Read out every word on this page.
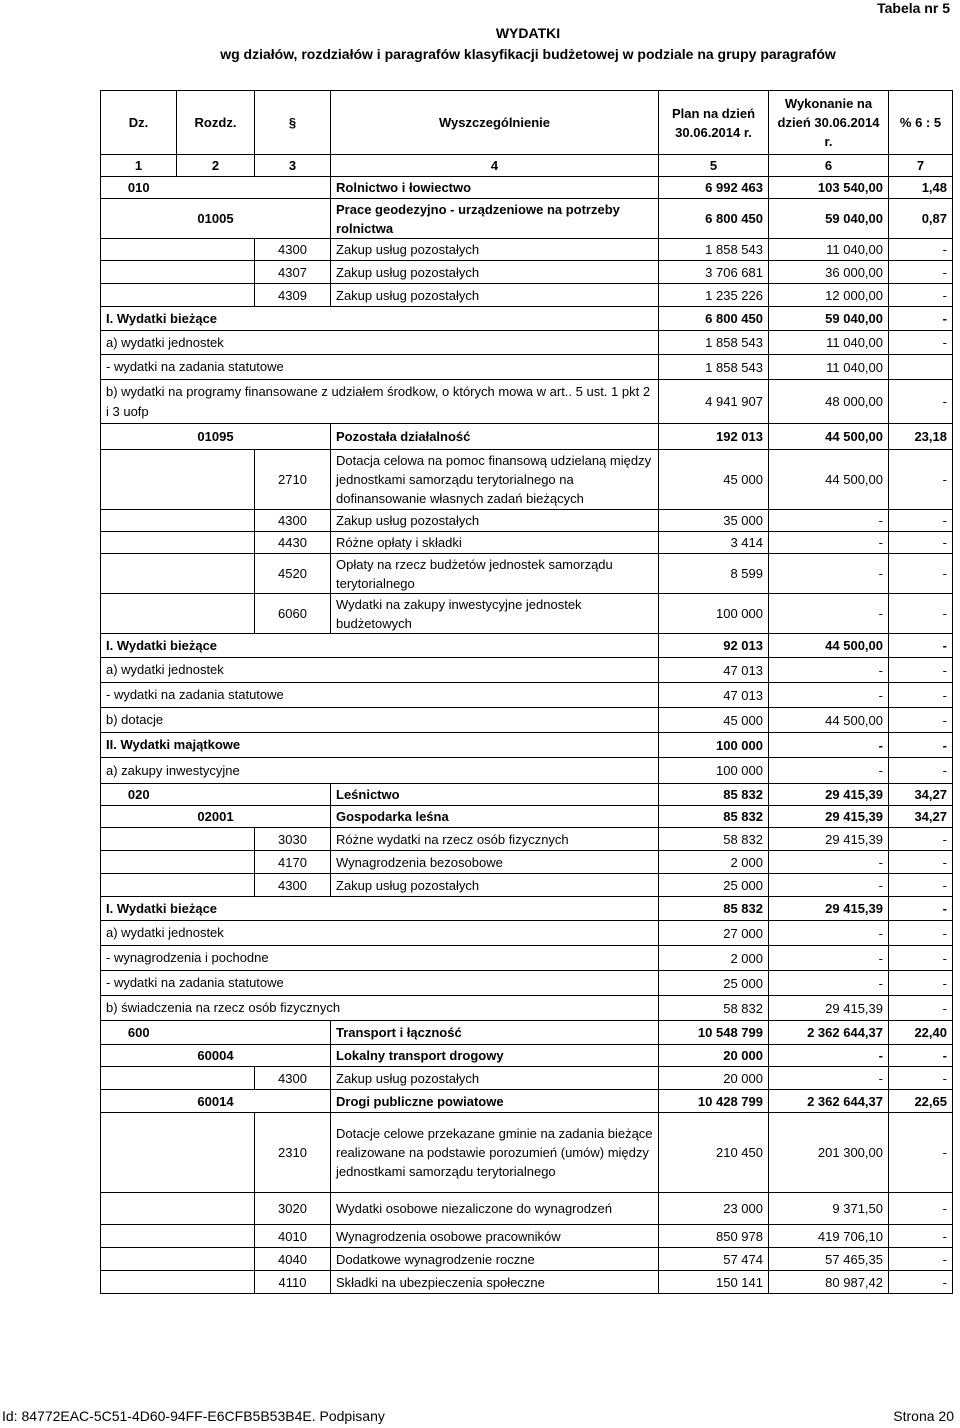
Tabela nr 5
WYDATKI
wg działów, rozdziałów i paragrafów klasyfikacji budżetowej w podziale na grupy paragrafów
Dz.	Rozdz.	§	Wyszczególnienie	Plan na dzień 30.06.2014 r.	Wykonanie na dzień 30.06.2014 r.	% 6 : 5
1	2	3	4	5	6	7
010			Rolnictwo i łowiectwo	6 992 463	103 540,00	1,48
	01005		Prace geodezyjno - urządzeniowe na potrzeby rolnictwa	6 800 450	59 040,00	0,87
		4300	Zakup usług pozostałych	1 858 543	11 040,00	-
		4307	Zakup usług pozostałych	3 706 681	36 000,00	-
		4309	Zakup usług pozostałych	1 235 226	12 000,00	-
I. Wydatki bieżące				6 800 450	59 040,00	-
a) wydatki jednostek				1 858 543	11 040,00	-
- wydatki na zadania statutowe				1 858 543	11 040,00	
b) wydatki na programy finansowane z udziałem środkow, o których mowa w art.. 5 ust. 1 pkt 2 i 3 uofp				4 941 907	48 000,00	-
	01095		Pozostała działalność	192 013	44 500,00	23,18
		2710	Dotacja celowa na pomoc finansową udzielaną między jednostkami samorządu terytorialnego na dofinansowanie własnych zadań bieżących	45 000	44 500,00	-
		4300	Zakup usług pozostałych	35 000	-	-
		4430	Różne opłaty i składki	3 414	-	-
		4520	Opłaty na rzecz budżetów jednostek samorządu terytorialnego	8 599	-	-
		6060	Wydatki na zakupy inwestycyjne jednostek budżetowych	100 000	-	-
I. Wydatki bieżące				92 013	44 500,00	-
a) wydatki jednostek				47 013	-	-
- wydatki na zadania statutowe				47 013	-	-
b) dotacje				45 000	44 500,00	-
II. Wydatki majątkowe				100 000	-	-
a) zakupy inwestycyjne				100 000	-	-
020			Leśnictwo	85 832	29 415,39	34,27
	02001		Gospodarka leśna	85 832	29 415,39	34,27
		3030	Różne wydatki na rzecz osób fizycznych	58 832	29 415,39	-
		4170	Wynagrodzenia bezosobowe	2 000	-	-
		4300	Zakup usług pozostałych	25 000	-	-
I. Wydatki bieżące				85 832	29 415,39	-
a) wydatki jednostek				27 000	-	-
- wynagrodzenia i pochodne				2 000	-	-
- wydatki na zadania statutowe				25 000	-	-
b) świadczenia na rzecz osób fizycznych				58 832	29 415,39	-
600			Transport i łączność	10 548 799	2 362 644,37	22,40
	60004		Lokalny transport drogowy	20 000	-	-
		4300	Zakup usług pozostałych	20 000	-	-
	60014		Drogi publiczne powiatowe	10 428 799	2 362 644,37	22,65
		2310	Dotacje celowe przekazane gminie na zadania bieżące realizowane na podstawie porozumień (umów) między jednostkami samorządu terytorialnego	210 450	201 300,00	-
		3020	Wydatki osobowe niezaliczone do wynagrodzeń	23 000	9 371,50	-
		4010	Wynagrodzenia osobowe pracowników	850 978	419 706,10	-
		4040	Dodatkowe wynagrodzenie roczne	57 474	57 465,35	-
		4110	Składki na ubezpieczenia społeczne	150 141	80 987,42	-
Id: 84772EAC-5C51-4D60-94FF-E6CFB5B53B4E. Podpisany	Strona 20
